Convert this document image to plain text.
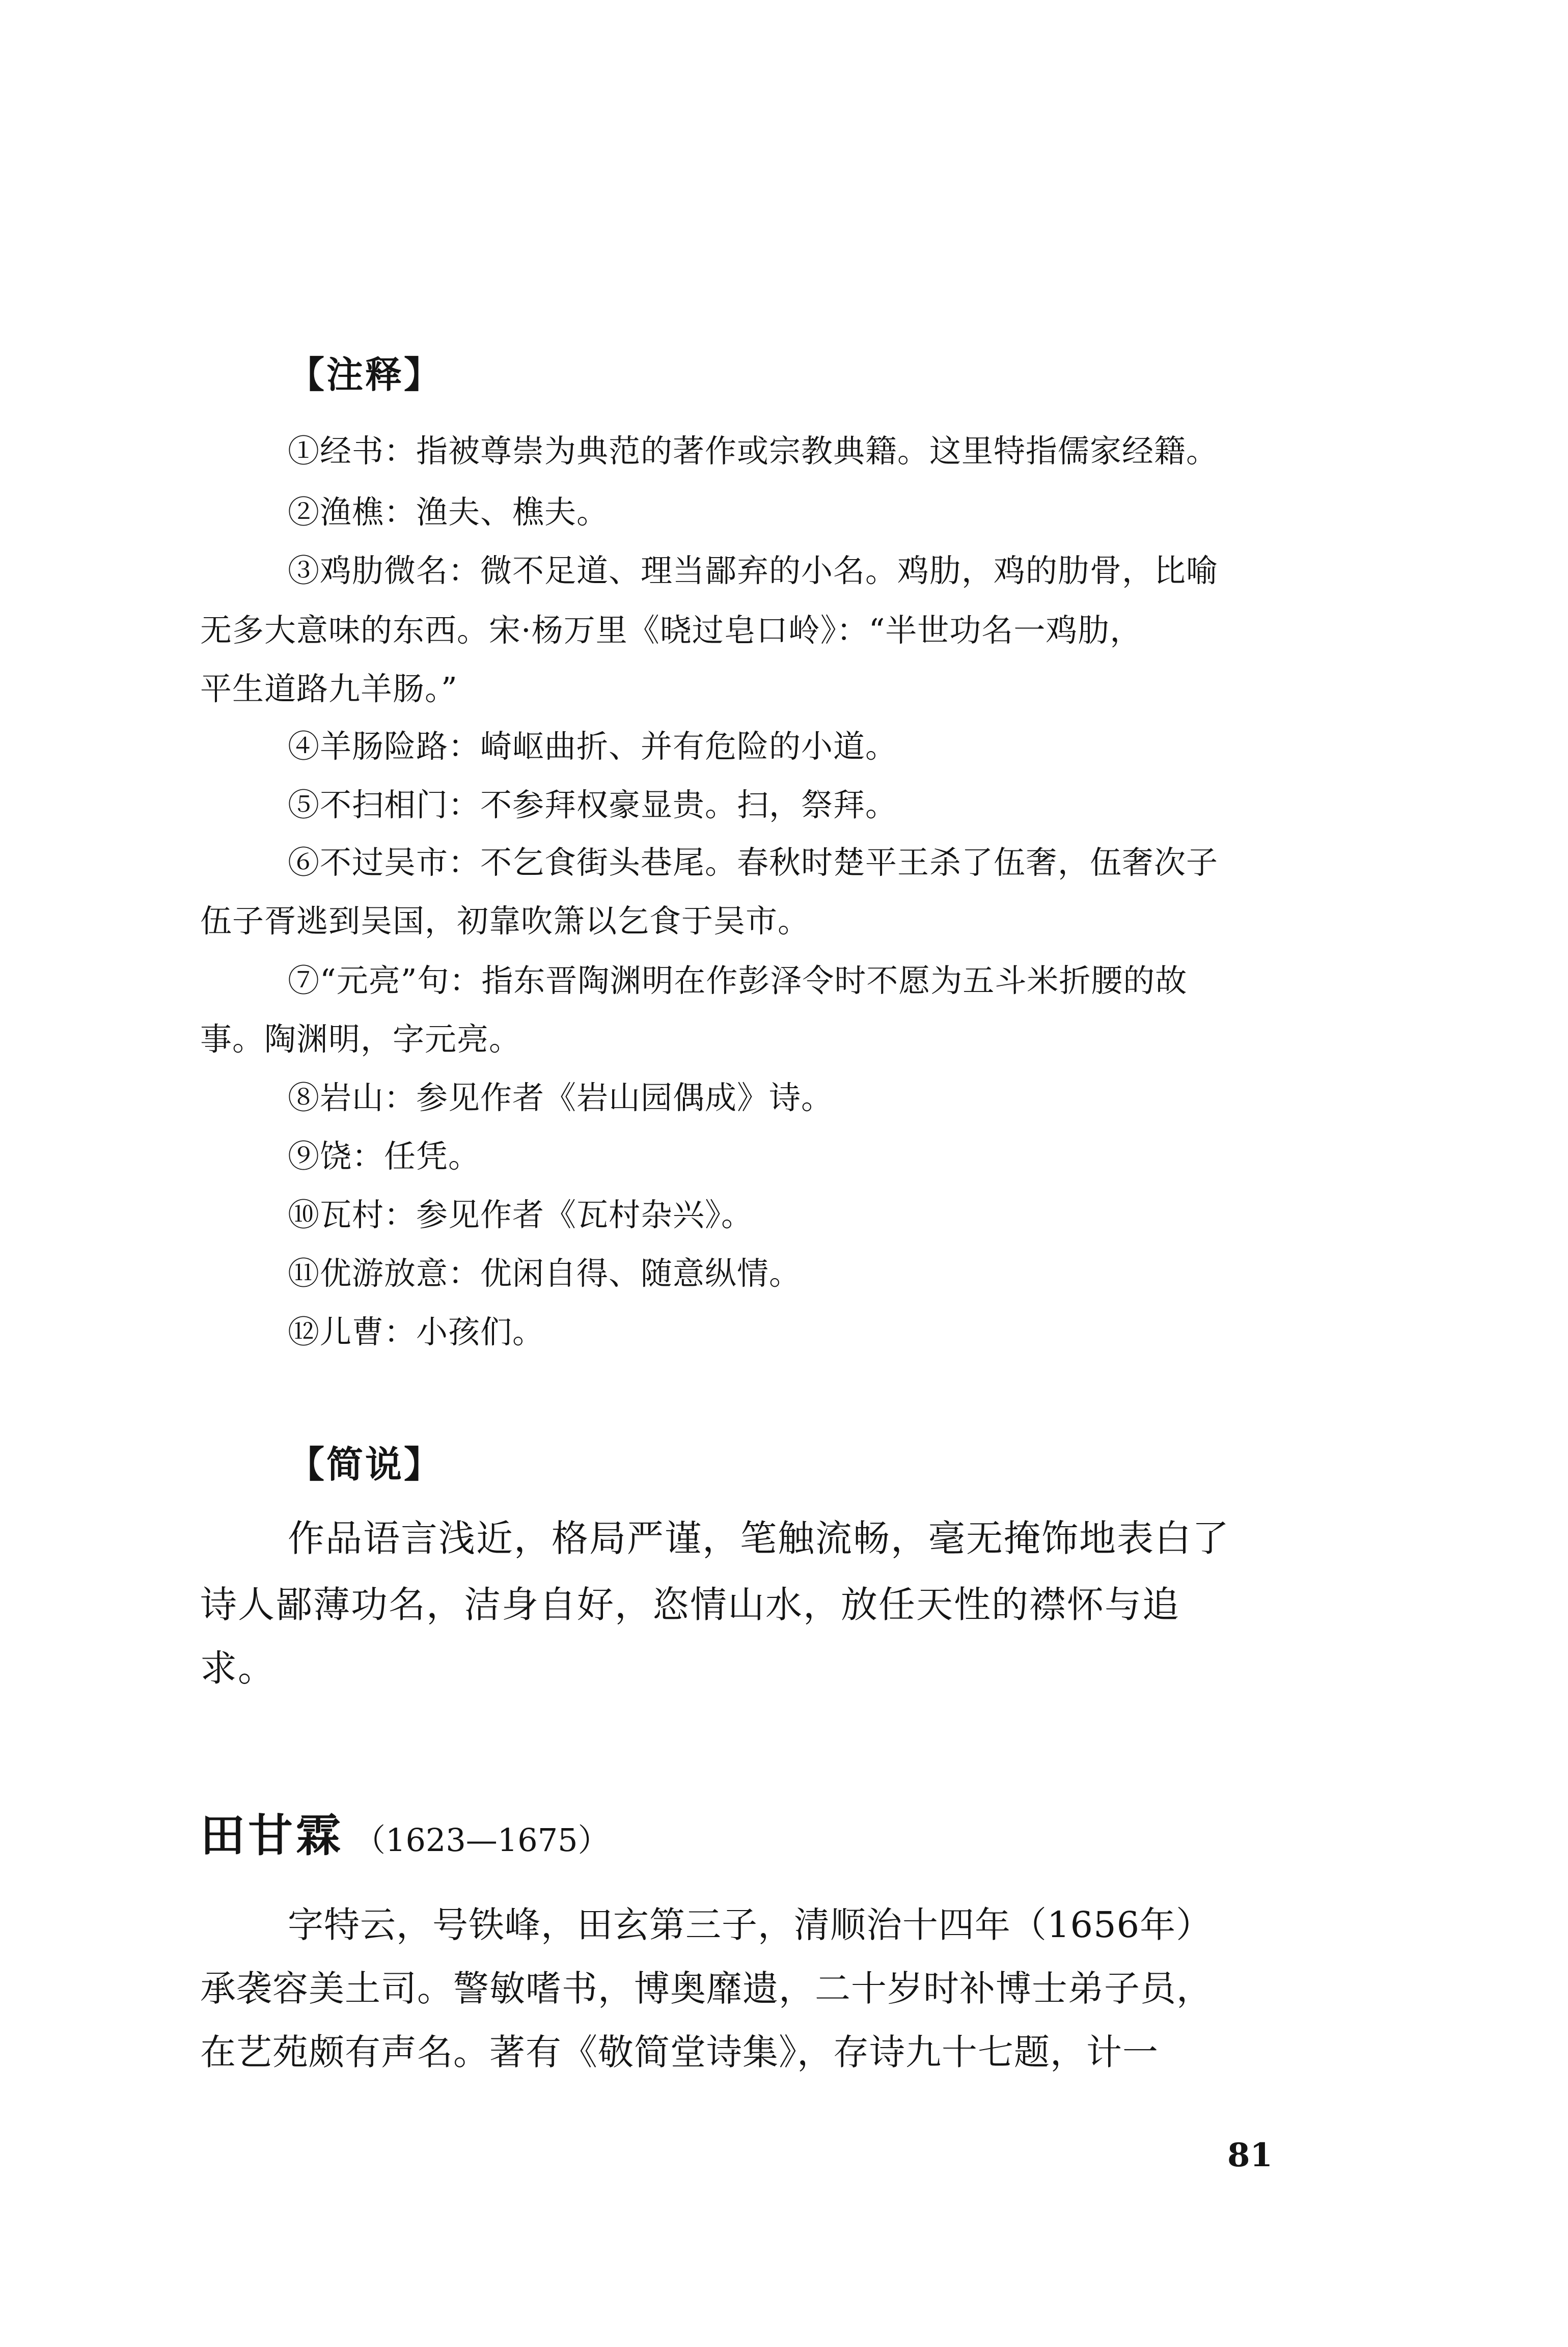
【注释】
①经书：指被尊崇为典范的著作或宗教典籍。这里特指儒家经籍。
②渔樵：渔夫、樵夫。
③鸡肋微名：微不足道、理当鄙弃的小名。鸡肋，鸡的肋骨，比喻
无多大意味的东西。宋·杨万里《晓过皂口岭》：“半世功名一鸡肋，
平生道路九羊肠。”
④羊肠险路：崎岖曲折、并有危险的小道。
⑤不扫相门：不参拜权豪显贵。扫，祭拜。
⑥不过吴市：不乞食街头巷尾。春秋时楚平王杀了伍奢，伍奢次子
伍子胥逃到吴国，初靠吹箫以乞食于吴市。
⑦“元亮”句：指东晋陶渊明在作彭泽令时不愿为五斗米折腰的故
事。陶渊明，字元亮。
⑧岩山：参见作者《岩山园偶成》诗。
⑨饶：任凭。
⑩瓦村：参见作者《瓦村杂兴》。
⑪优游放意：优闲自得、随意纵情。
⑫儿曹：小孩们。
【简说】
作品语言浅近，格局严谨，笔触流畅，毫无掩饰地表白了
诗人鄙薄功名，洁身自好，恣情山水，放任天性的襟怀与追
求。
田甘霖 （1623—1675）
字特云，号铁峰，田玄第三子，清顺治十四年（1656年）
承袭容美土司。警敏嗜书，博奥靡遗，二十岁时补博士弟子员，
在艺苑颇有声名。著有《敬简堂诗集》，存诗九十七题，计一
81
